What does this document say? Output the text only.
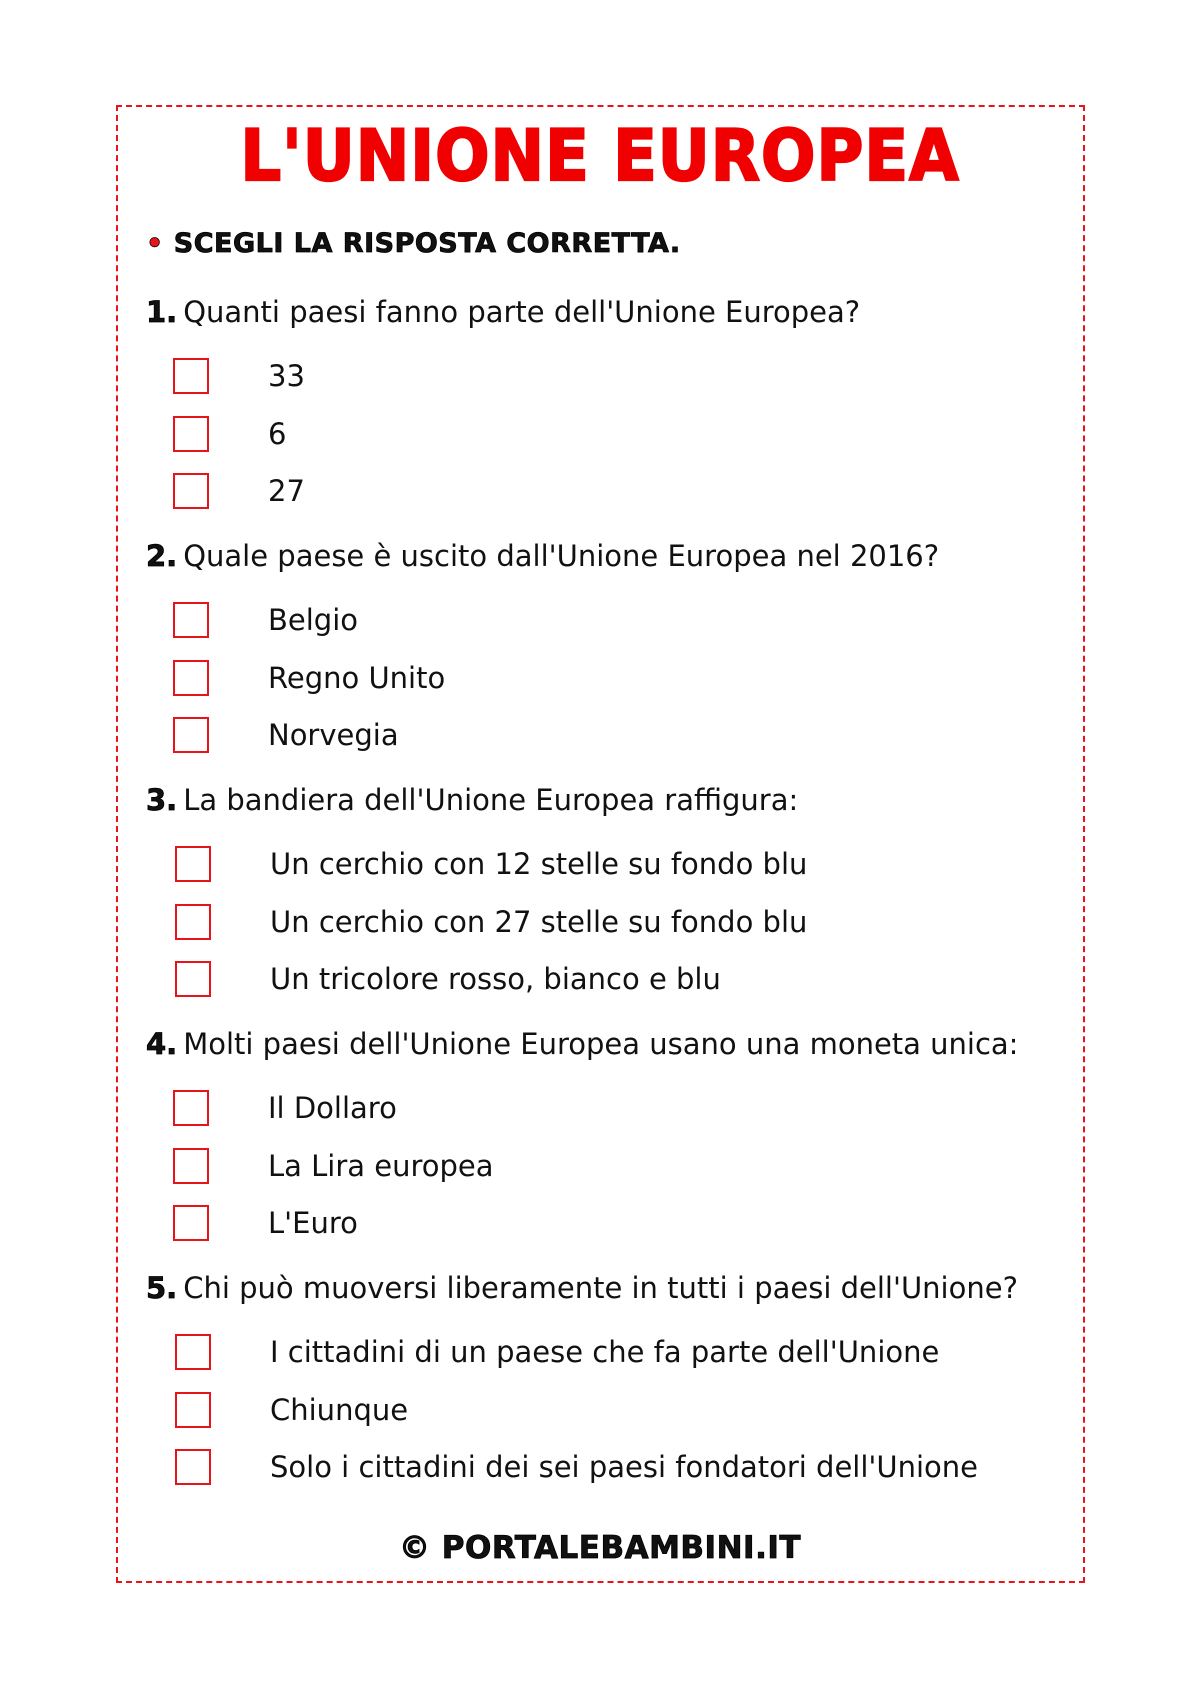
L'UNIONE EUROPEA
• SCEGLI LA RISPOSTA CORRETTA.
1. Quanti paesi fanno parte dell'Unione Europea?
33
6
27
2. Quale paese è uscito dall'Unione Europea nel 2016?
Belgio
Regno Unito
Norvegia
3. La bandiera dell'Unione Europea raffigura:
Un cerchio con 12 stelle su fondo blu
Un cerchio con 27 stelle su fondo blu
Un tricolore rosso, bianco e blu
4. Molti paesi dell'Unione Europea usano una moneta unica:
Il Dollaro
La Lira europea
L'Euro
5. Chi può muoversi liberamente in tutti i paesi dell'Unione?
I cittadini di un paese che fa parte dell'Unione
Chiunque
Solo i cittadini dei sei paesi fondatori dell'Unione
© PORTALEBAMBINI.IT
